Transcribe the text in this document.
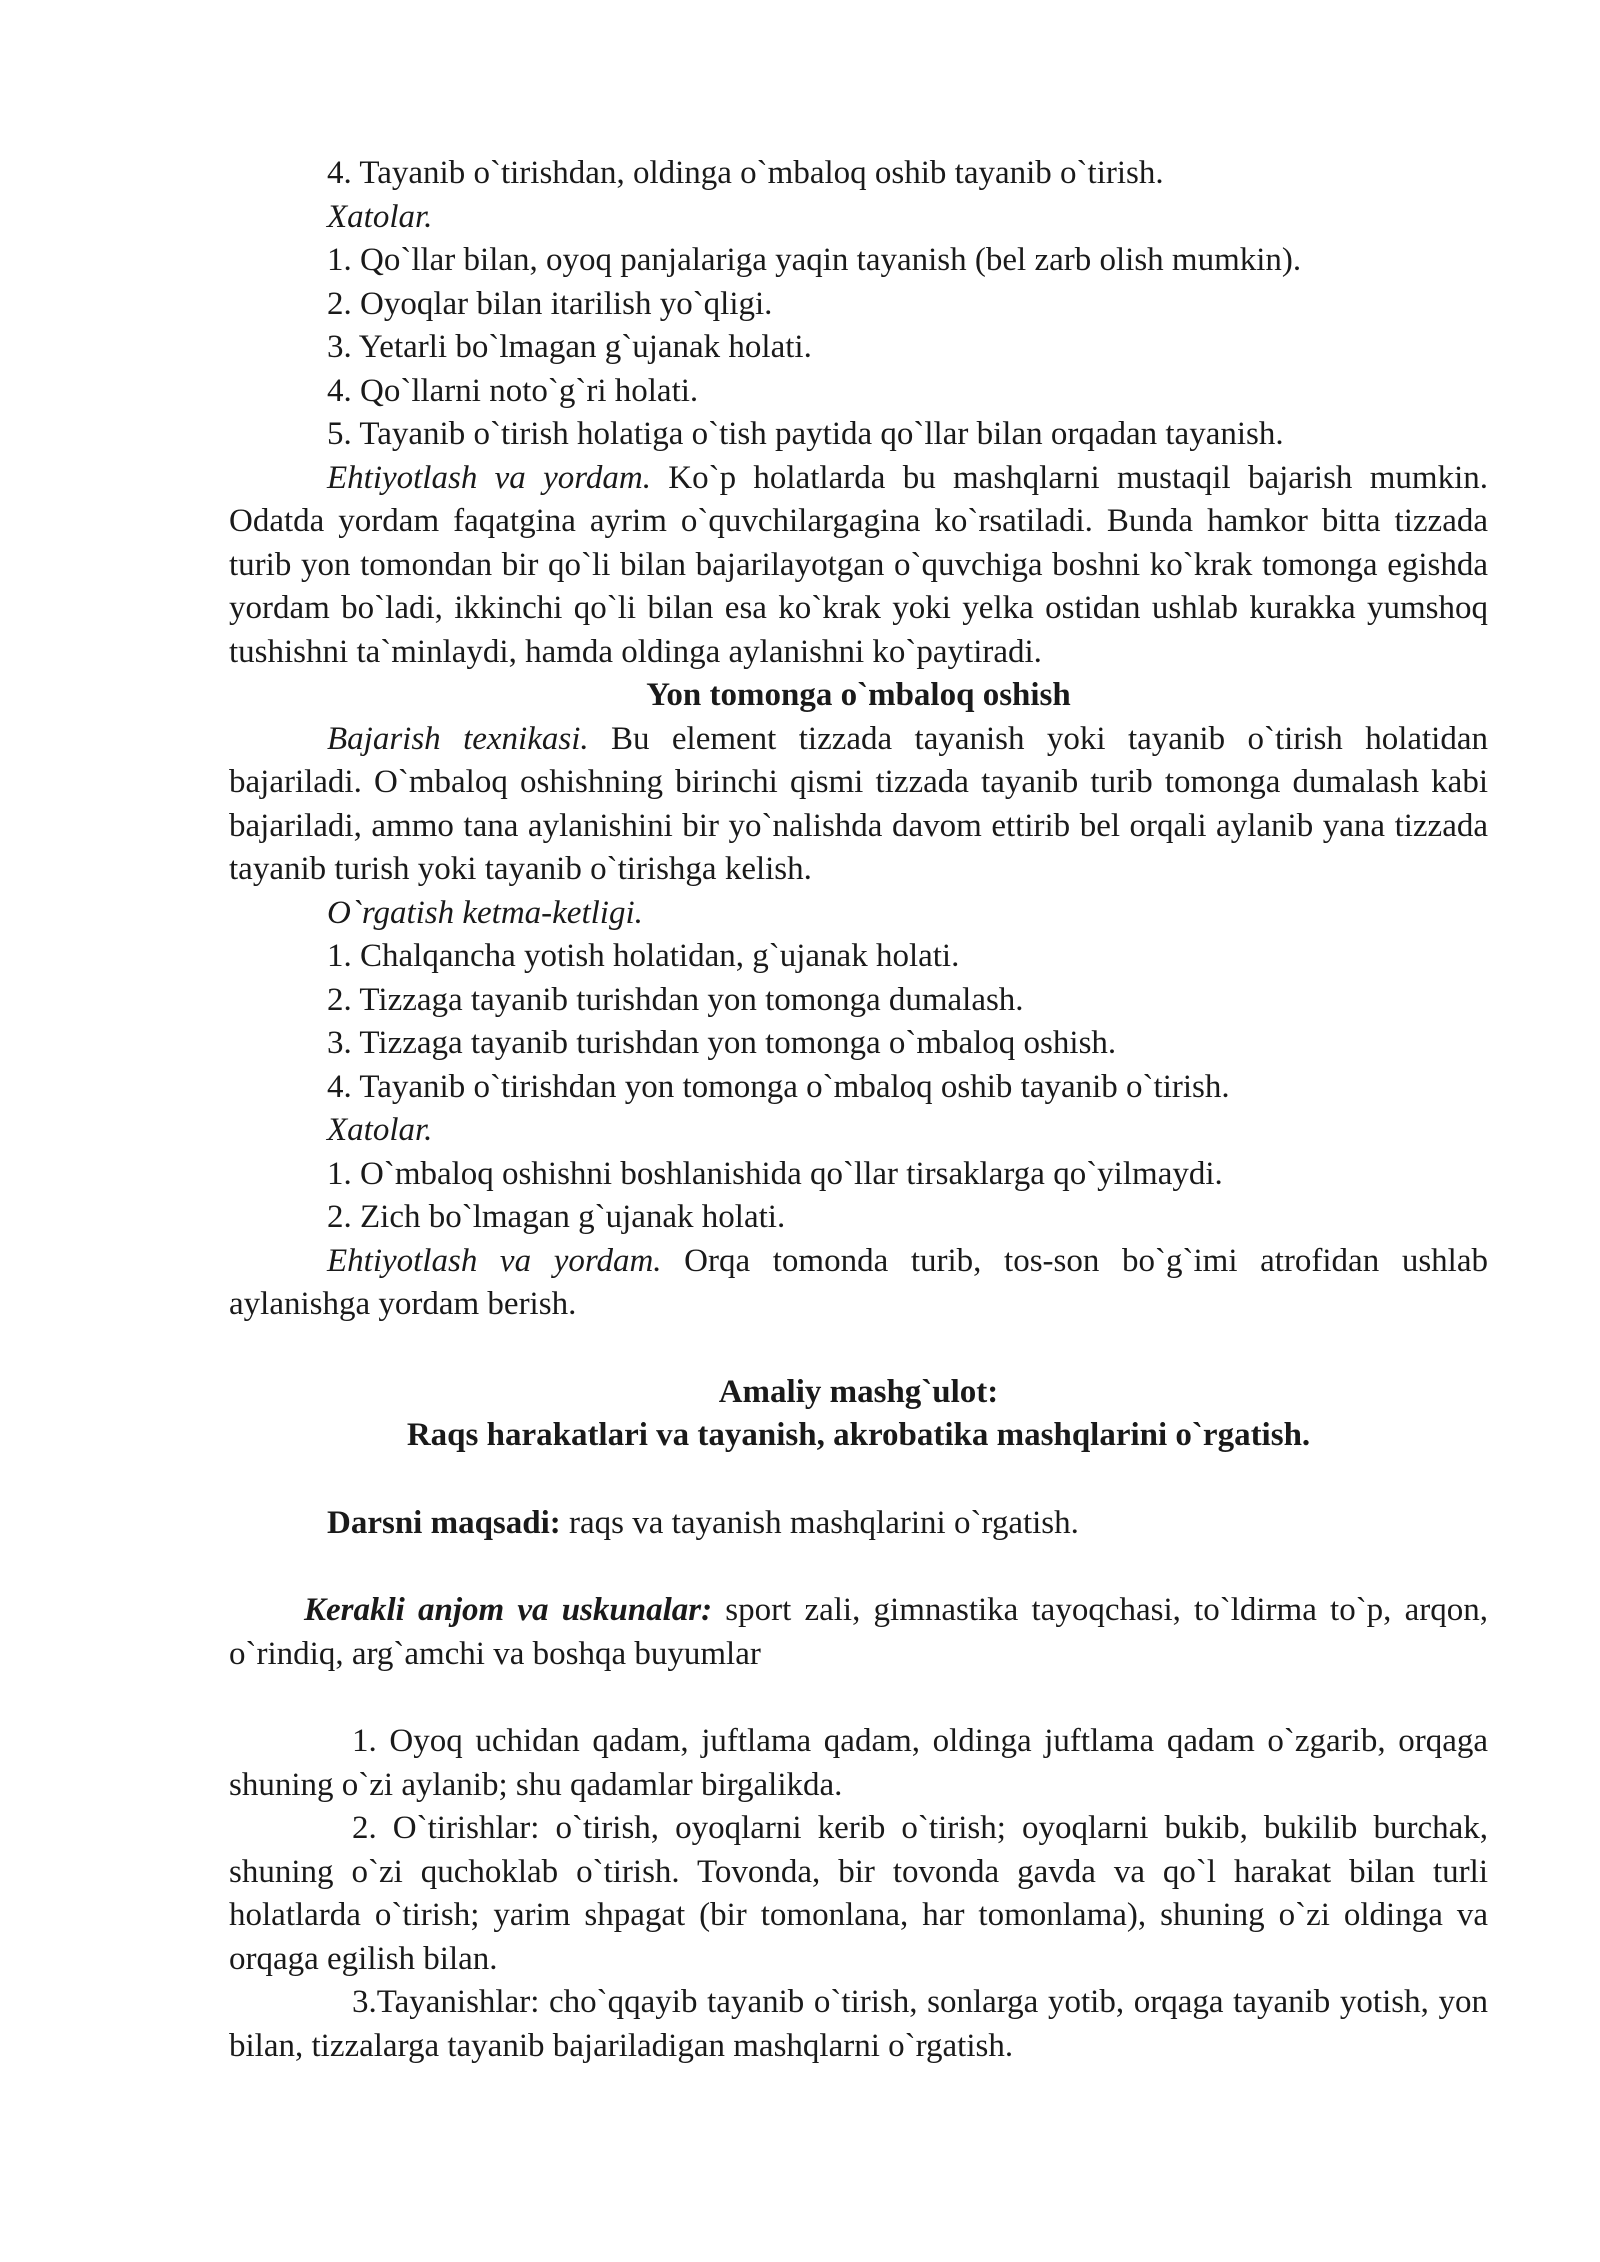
4. Tayanib o`tirishdan, oldinga o`mbaloq oshib tayanib o`tirish.

Xatolar.

1. Qo`llar bilan, oyoq panjalariga yaqin tayanish (bel zarb olish mumkin).

2. Oyoqlar bilan itarilish yo`qligi.

3. Yetarli bo`lmagan g`ujanak holati.

4. Qo`llarni noto`g`ri holati.

5. Tayanib o`tirish holatiga o`tish paytida qo`llar bilan orqadan tayanish.

Ehtiyotlash va yordam. Ko`p holatlarda bu mashqlarni mustaqil bajarish mumkin. Odatda yordam faqatgina ayrim o`quvchilargagina ko`rsatiladi. Bunda hamkor bitta tizzada turib yon tomondan bir qo`li bilan bajarilayotgan o`quvchiga boshni ko`krak tomonga egishda yordam bo`ladi, ikkinchi qo`li bilan esa ko`krak yoki yelka ostidan ushlab kurakka yumshoq tushishni ta`minlaydi, hamda oldinga aylanishni ko`paytiradi.

Yon tomonga o`mbaloq oshish

Bajarish texnikasi. Bu element tizzada tayanish yoki tayanib o`tirish holatidan bajariladi. O`mbaloq oshishning birinchi qismi tizzada tayanib turib tomonga dumalash kabi bajariladi, ammo tana aylanishini bir yo`nalishda davom ettirib bel orqali aylanib yana tizzada tayanib turish yoki tayanib o`tirishga kelish.

O`rgatish ketma-ketligi.

1. Chalqancha yotish holatidan, g`ujanak holati.

2. Tizzaga tayanib turishdan yon tomonga dumalash.

3. Tizzaga tayanib turishdan yon tomonga o`mbaloq oshish.

4. Tayanib o`tirishdan yon tomonga o`mbaloq oshib tayanib o`tirish.

Xatolar.

1. O`mbaloq oshishni boshlanishida qo`llar tirsaklarga qo`yilmaydi.

2. Zich bo`lmagan g`ujanak holati.

Ehtiyotlash va yordam. Orqa tomonda turib, tos-son bo`g`imi atrofidan ushlab aylanishga yordam berish.

Amaliy mashg`ulot:

Raqs harakatlari va tayanish, akrobatika mashqlarini o`rgatish.

Darsni maqsadi: raqs va tayanish mashqlarini o`rgatish.

Kerakli anjom va uskunalar: sport zali, gimnastika tayoqchasi, to`ldirma to`p, arqon, o`rindiq, arg`amchi va boshqa buyumlar

1. Oyoq uchidan qadam, juftlama qadam, oldinga juftlama qadam o`zgarib, orqaga shuning o`zi aylanib; shu qadamlar birgalikda.

2. O`tirishlar: o`tirish, oyoqlarni kerib o`tirish; oyoqlarni bukib, bukilib burchak, shuning o`zi quchoklab o`tirish. Tovonda, bir tovonda gavda va qo`l harakat bilan turli holatlarda o`tirish; yarim shpagat (bir tomonlana, har tomonlama), shuning o`zi oldinga va orqaga egilish bilan.

3.Tayanishlar: cho`qqayib tayanib o`tirish, sonlarga yotib, orqaga tayanib yotish, yon bilan, tizzalarga tayanib bajariladigan mashqlarni o`rgatish.
